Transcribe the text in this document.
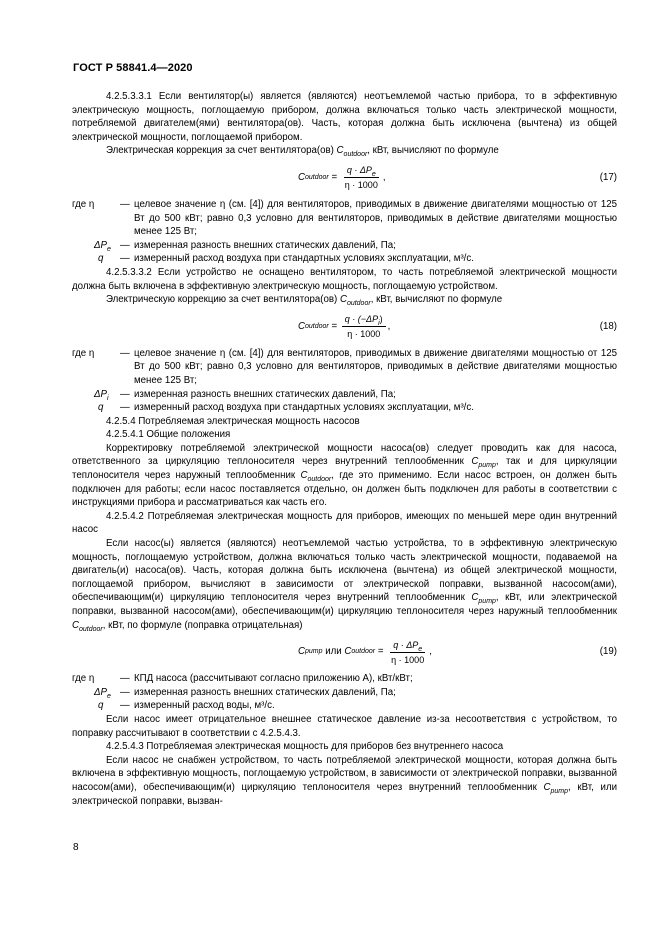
ГОСТ Р 58841.4—2020

4.2.5.3.3.1 Если вентилятор(ы) является (являются) неотъемлемой частью прибора, то в эффективную электрическую мощность, поглощаемую прибором, должна включаться только часть электрической мощности, потребляемой двигателем(ями) вентилятора(ов). Часть, которая должна быть исключена (вычтена) из общей электрической мощности, поглощаемой прибором.

Электрическая коррекция за счет вентилятора(ов) $C_{outdoor}$, кВт, вычисляют по формуле

C outdoor = $\frac{q \cdot \Delta P_e}{\eta \cdot 1000}$ ,	(17)
где η	— целевое значение η (см. [4]) для вентиляторов, приводимых в движение двигателями мощностью от 125 Вт до 500 кВт; равно 0,3 условно для вентиляторов, приводимых в действие двигателями мощностью менее 125 Вт;
$\Delta P_e$ — измеренная разность внешних статических давлений, Па;
q	— измеренный расход воздуха при стандартных условиях эксплуатации, м³/с.

4.2.5.3.3.2 Если устройство не оснащено вентилятором, то часть потребляемой электрической мощности должна быть включена в эффективную электрическую мощность, поглощаемую устройством.

Электрическую коррекцию за счет вентилятора(ов) $C_{outdoor}$, кВт, вычисляют по формуле

C outdoor = $\frac{q \cdot (-\Delta P_i)}{\eta \cdot 1000}$ ,	(18)
где η	— целевое значение η (см. [4]) для вентиляторов, приводимых в движение двигателями мощностью от 125 Вт до 500 кВт; равно 0,3 условно для вентиляторов, приводимых в действие двигателями мощностью менее 125 Вт;
$\Delta P_i$	— измеренная разность внешних статических давлений, Па;
q	— измеренный расход воздуха при стандартных условиях эксплуатации, м³/с.

4.2.5.4 Потребляемая электрическая мощность насосов

4.2.5.4.1 Общие положения

Корректировку потребляемой электрической мощности насоса(ов) следует проводить как для насоса, ответственного за циркуляцию теплоносителя через внутренний теплообменник $C_{pump}$, так и для циркуляции теплоносителя через наружный теплообменник $C_{outdoor}$, где это применимо. Если насос встроен, он должен быть подключен для работы; если насос поставляется отдельно, он должен быть подключен для работы в соответствии с инструкциями прибора и рассматриваться как часть его.

4.2.5.4.2 Потребляемая электрическая мощность для приборов, имеющих по меньшей мере один внутренний насос

Если насос(ы) является (являются) неотъемлемой частью устройства, то в эффективную электрическую мощность, поглощаемую устройством, должна включаться только часть электрической мощности, подаваемой на двигатель(и) насоса(ов). Часть, которая должна быть исключена (вычтена) из общей электрической мощности, поглощаемой прибором, вычисляют в зависимости от электрической поправки, вызванной насосом(ами), обеспечивающим(и) циркуляцию теплоносителя через внутренний теплообменник $C_{pump}$, кВт, или электрической поправки, вызванной насосом(ами), обеспечивающим(и) циркуляцию теплоносителя через наружный теплообменник $C_{outdoor}$, кВт, по формуле (поправка отрицательная)

C pump или C outdoor = $\frac{q \cdot \Delta P_e}{\eta \cdot 1000}$ ,	(19)
где η	— КПД насоса (рассчитывают согласно приложению А), кВт/кВт;
$\Delta P_e$ — измеренная разность внешних статических давлений, Па;
q	— измеренный расход воды, м³/с.

Если насос имеет отрицательное внешнее статическое давление из-за несоответствия с устройством, то поправку рассчитывают в соответствии с 4.2.5.4.3.

4.2.5.4.3 Потребляемая электрическая мощность для приборов без внутреннего насоса

Если насос не снабжен устройством, то часть потребляемой электрической мощности, которая должна быть включена в эффективную мощность, поглощаемую устройством, в зависимости от электрической поправки, вызванной насосом(ами), обеспечивающим(и) циркуляцию теплоносителя через внутренний теплообменник $C_{pump}$, кВт, или электрической поправки, вызван-

8
